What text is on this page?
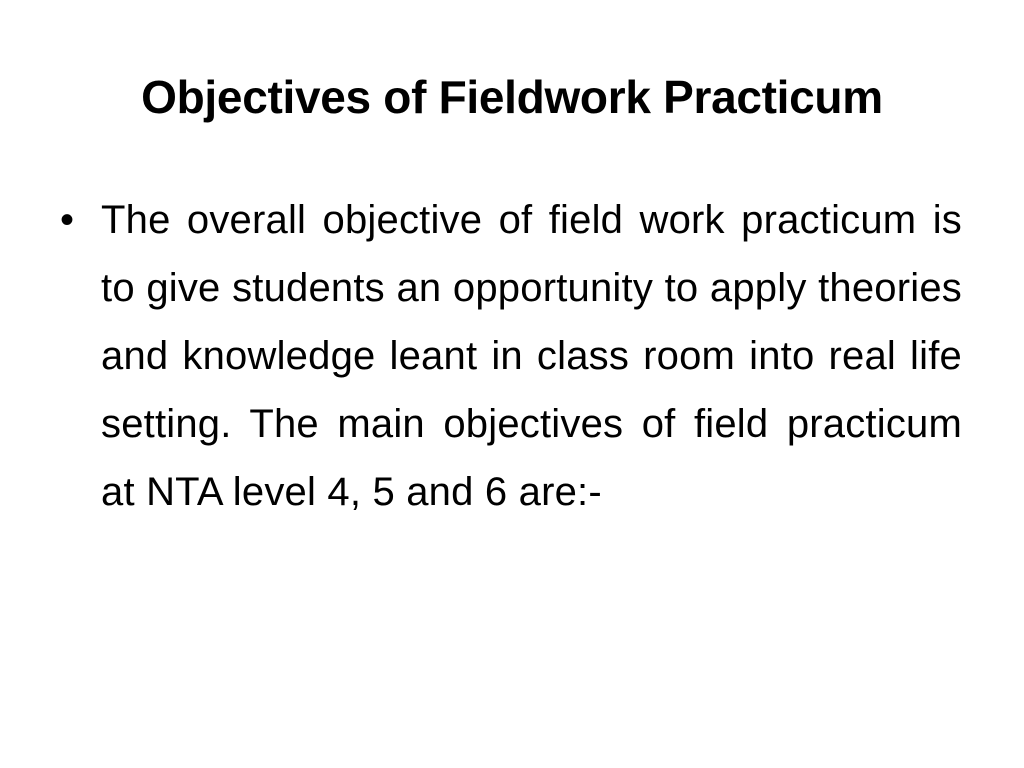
Objectives of Fieldwork Practicum
• The overall objective of field work practicum is to give students an opportunity to apply theories and knowledge leant in class room into real life setting. The main objectives of field practicum at NTA level 4, 5 and 6 are:-
